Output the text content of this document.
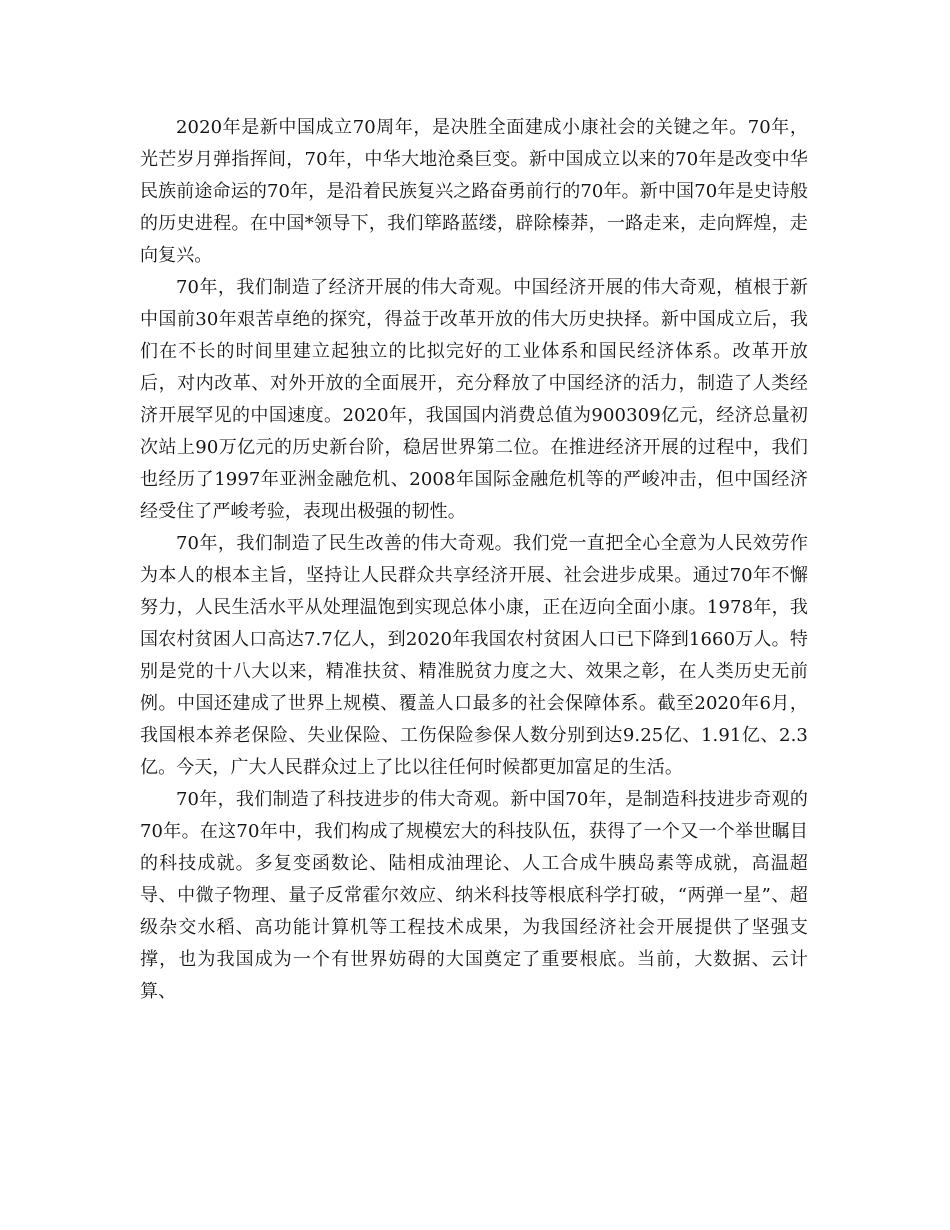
2020年是新中国成立70周年，是决胜全面建成小康社会的关键之年。70年，光芒岁月弹指挥间，70年，中华大地沧桑巨变。新中国成立以来的70年是改变中华民族前途命运的70年，是沿着民族复兴之路奋勇前行的70年。新中国70年是史诗般的历史进程。在中国*领导下，我们筚路蓝缕，辟除榛莽，一路走来，走向辉煌，走向复兴。

70年，我们制造了经济开展的伟大奇观。中国经济开展的伟大奇观，植根于新中国前30年艰苦卓绝的探究，得益于改革开放的伟大历史抉择。新中国成立后，我们在不长的时间里建立起独立的比拟完好的工业体系和国民经济体系。改革开放后，对内改革、对外开放的全面展开，充分释放了中国经济的活力，制造了人类经济开展罕见的中国速度。2020年，我国国内消费总值为900309亿元，经济总量初次站上90万亿元的历史新台阶，稳居世界第二位。在推进经济开展的过程中，我们也经历了1997年亚洲金融危机、2008年国际金融危机等的严峻冲击，但中国经济经受住了严峻考验，表现出极强的韧性。

70年，我们制造了民生改善的伟大奇观。我们党一直把全心全意为人民效劳作为本人的根本主旨，坚持让人民群众共享经济开展、社会进步成果。通过70年不懈努力，人民生活水平从处理温饱到实现总体小康，正在迈向全面小康。1978年，我国农村贫困人口高达7.7亿人，到2020年我国农村贫困人口已下降到1660万人。特别是党的十八大以来，精准扶贫、精准脱贫力度之大、效果之彰，在人类历史无前例。中国还建成了世界上规模、覆盖人口最多的社会保障体系。截至2020年6月，我国根本养老保险、失业保险、工伤保险参保人数分别到达9.25亿、1.91亿、2.3亿。今天，广大人民群众过上了比以往任何时候都更加富足的生活。

70年，我们制造了科技进步的伟大奇观。新中国70年，是制造科技进步奇观的70年。在这70年中，我们构成了规模宏大的科技队伍，获得了一个又一个举世瞩目的科技成就。多复变函数论、陆相成油理论、人工合成牛胰岛素等成就，高温超导、中微子物理、量子反常霍尔效应、纳米科技等根底科学打破，“两弹一星”、超级杂交水稻、高功能计算机等工程技术成果，为我国经济社会开展提供了坚强支撑，也为我国成为一个有世界妨碍的大国奠定了重要根底。当前，大数据、云计算、
